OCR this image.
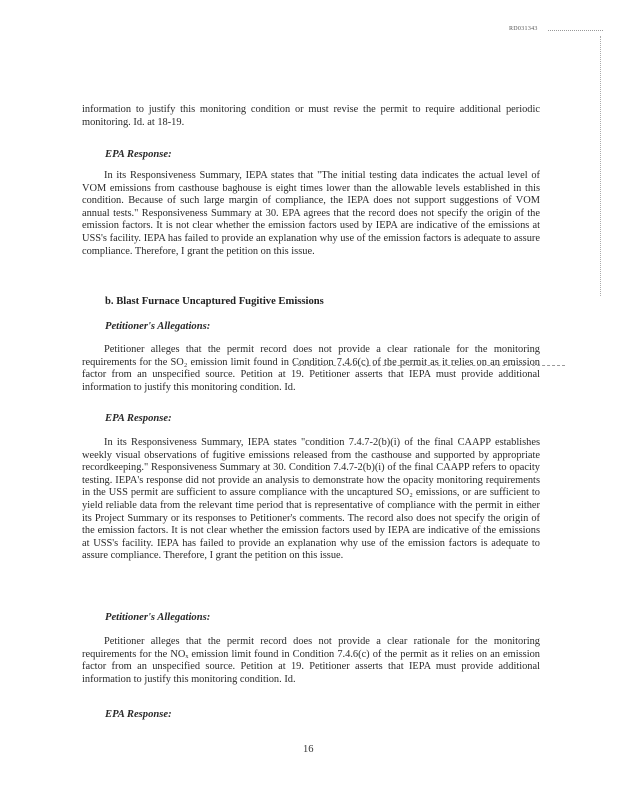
RD031343

information to justify this monitoring condition or must revise the permit to require additional periodic monitoring. Id. at 18-19.

EPA Response:

In its Responsiveness Summary, IEPA states that "The initial testing data indicates the actual level of VOM emissions from casthouse baghouse is eight times lower than the allowable levels established in this condition. Because of such large margin of compliance, the IEPA does not support suggestions of VOM annual tests." Responsiveness Summary at 30. EPA agrees that the record does not specify the origin of the emission factors. It is not clear whether the emission factors used by IEPA are indicative of the emissions at USS's facility. IEPA has failed to provide an explanation why use of the emission factors is adequate to assure compliance. Therefore, I grant the petition on this issue.

b. Blast Furnace Uncaptured Fugitive Emissions
Petitioner's Allegations:

Petitioner alleges that the permit record does not provide a clear rationale for the monitoring requirements for the SO₂ emission limit found in Condition 7.4.6(c) of the permit as it relies on an emission factor from an unspecified source. Petition at 19. Petitioner asserts that IEPA must provide additional information to justify this monitoring condition. Id.

EPA Response:

In its Responsiveness Summary, IEPA states "condition 7.4.7-2(b)(i) of the final CAAPP establishes weekly visual observations of fugitive emissions released from the casthouse and supported by appropriate recordkeeping." Responsiveness Summary at 30. Condition 7.4.7-2(b)(i) of the final CAAPP refers to opacity testing. IEPA's response did not provide an analysis to demonstrate how the opacity monitoring requirements in the USS permit are sufficient to assure compliance with the uncaptured SO₂ emissions, or are sufficient to yield reliable data from the relevant time period that is representative of compliance with the permit in either its Project Summary or its responses to Petitioner's comments. The record also does not specify the origin of the emission factors. It is not clear whether the emission factors used by IEPA are indicative of the emissions at USS's facility. IEPA has failed to provide an explanation why use of the emission factors is adequate to assure compliance. Therefore, I grant the petition on this issue.

Petitioner's Allegations:

Petitioner alleges that the permit record does not provide a clear rationale for the monitoring requirements for the NOₓ emission limit found in Condition 7.4.6(c) of the permit as it relies on an emission factor from an unspecified source. Petition at 19. Petitioner asserts that IEPA must provide additional information to justify this monitoring condition. Id.

EPA Response:
16
